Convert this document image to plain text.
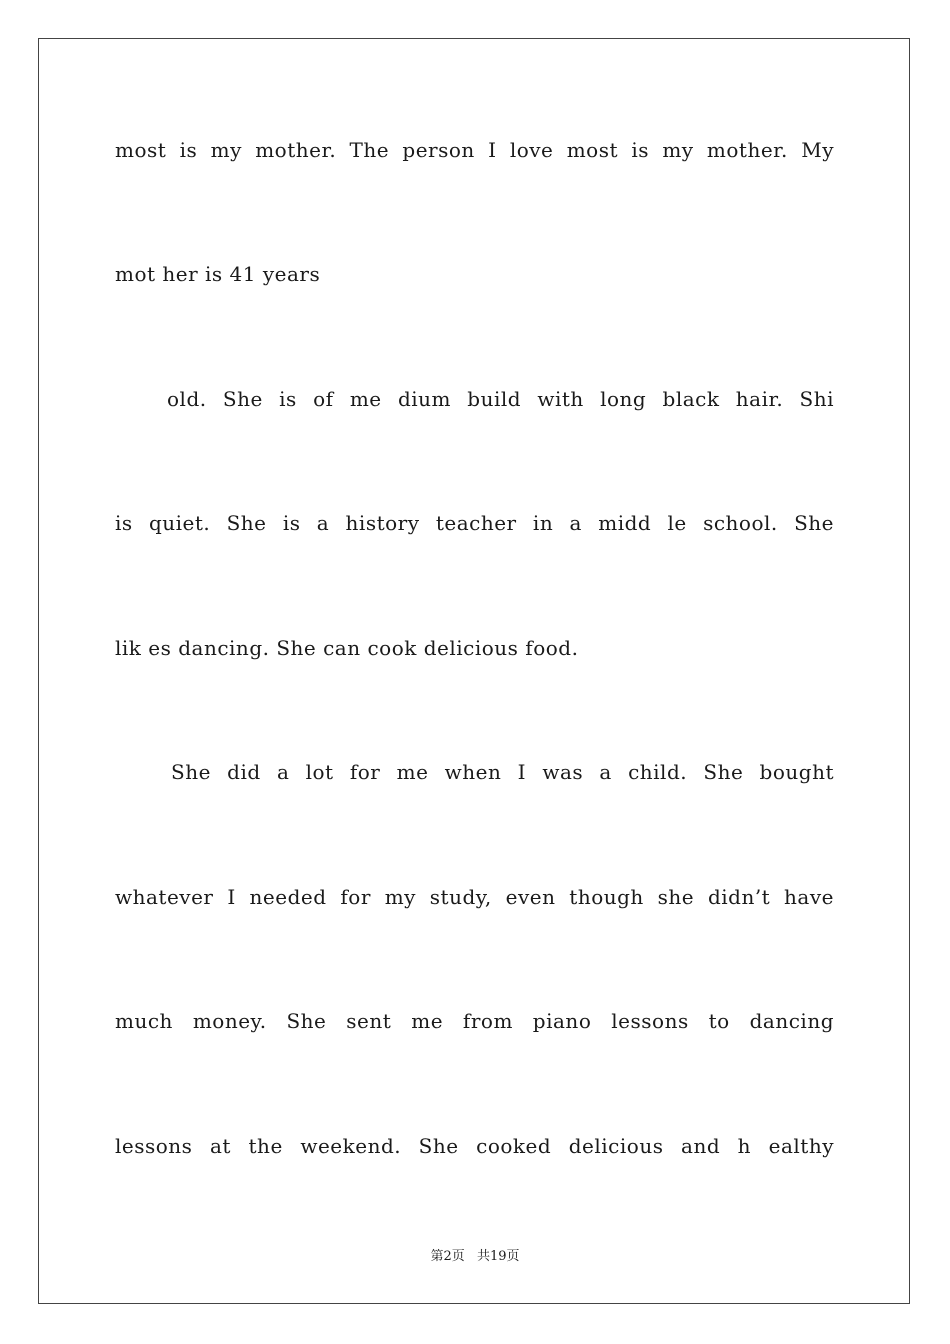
most is my mother. The person I love most is my mother. My
mot her is 41 years
old. She is of me dium build with long black hair. Shi
is quiet. She is a history teacher in a midd le school. She
lik es dancing. She can cook delicious food.
She did a lot for me when I was a child. She bought
whatever I needed for my study, even though she didn’t have
much money. She sent me from piano lessons to dancing
lessons at the weekend. She cooked delicious and h ealthy
第2页 共19页
